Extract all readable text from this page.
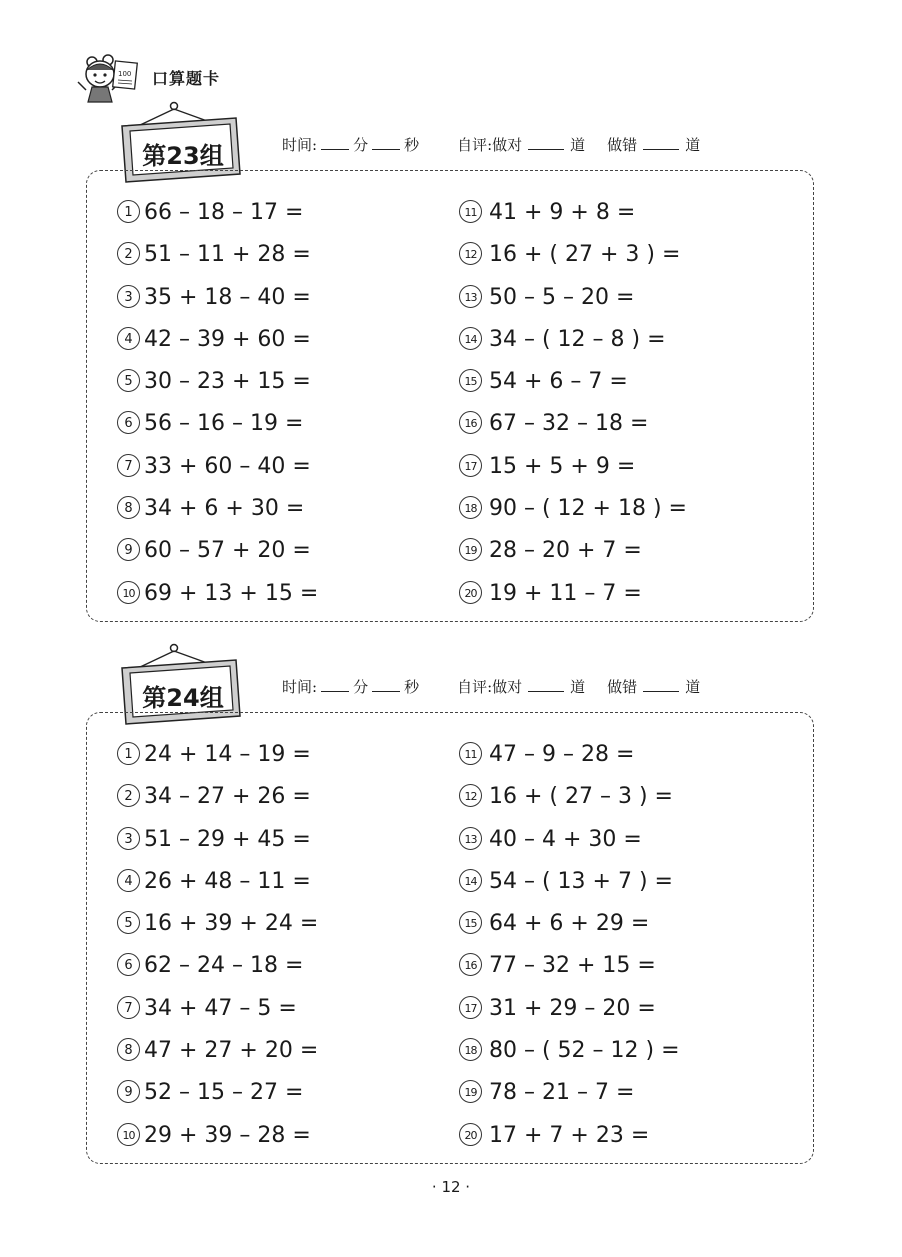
100 口算题卡
第23组	时间: 分 秒	自评:做对	道 做错	道
1 66 – 18 – 17 =
2 51 – 11 + 28 =
3 35 + 18 – 40 =
4 42 – 39 + 60 =
5 30 – 23 + 15 =
6 56 – 16 – 19 =
7 33 + 60 – 40 =
8 34 + 6 + 30 =
9 60 – 57 + 20 =
10 69 + 13 + 15 =
11 41 + 9 + 8 =
12 16 + ( 27 + 3 ) =
13 50 – 5 – 20 =
14 34 – ( 12 – 8 ) =
15 54 + 6 – 7 =
16 67 – 32 – 18 =
17 15 + 5 + 9 =
18 90 – ( 12 + 18 ) =
19 28 – 20 + 7 =
20 19 + 11 – 7 =
第24组	时间: 分 秒	自评:做对	道 做错	道
1 24 + 14 – 19 =
2 34 – 27 + 26 =
3 51 – 29 + 45 =
4 26 + 48 – 11 =
5 16 + 39 + 24 =
6 62 – 24 – 18 =
7 34 + 47 – 5 =
8 47 + 27 + 20 =
9 52 – 15 – 27 =
10 29 + 39 – 28 =
11 47 – 9 – 28 =
12 16 + ( 27 – 3 ) =
13 40 – 4 + 30 =
14 54 – ( 13 + 7 ) =
15 64 + 6 + 29 =
16 77 – 32 + 15 =
17 31 + 29 – 20 =
18 80 – ( 52 – 12 ) =
19 78 – 21 – 7 =
20 17 + 7 + 23 =
· 12 ·
